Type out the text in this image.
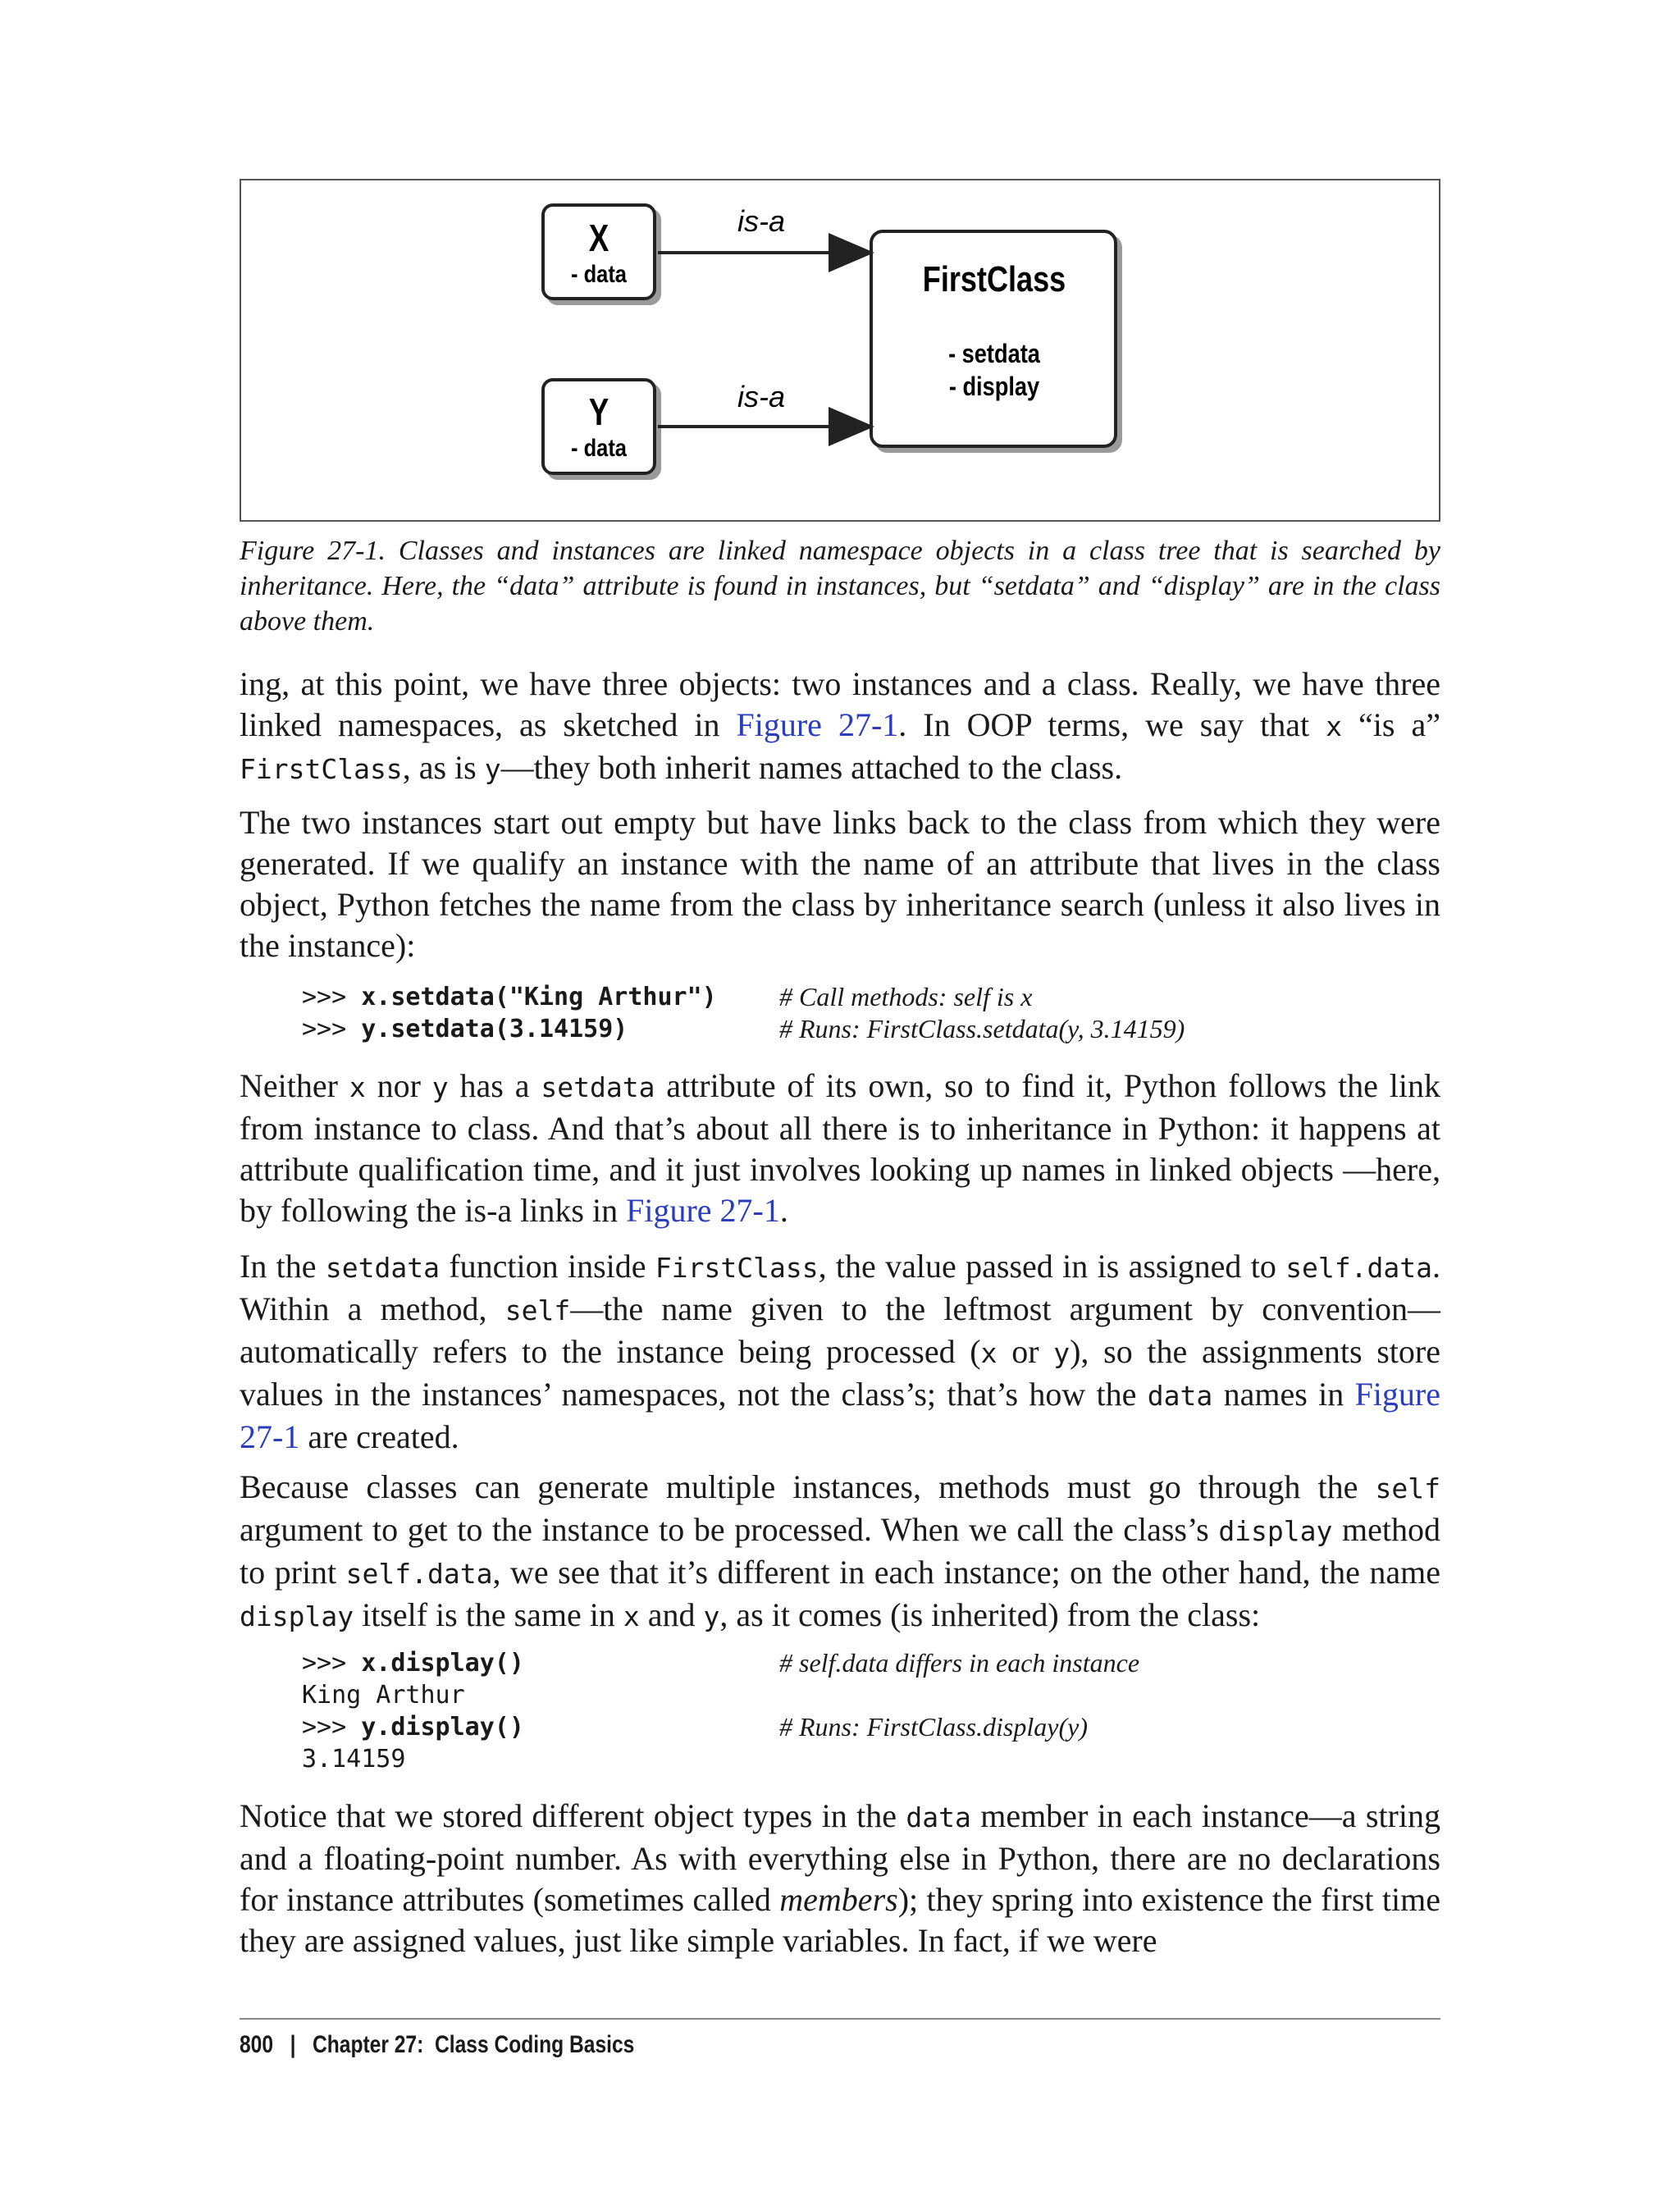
X
- data
Y
- data
FirstClass
- setdata
- display
is-a
is-a
Figure 27-1. Classes and instances are linked namespace objects in a class tree that is searched by inheritance. Here, the “data” attribute is found in instances, but “setdata” and “display” are in the class above them.
ing, at this point, we have three objects: two instances and a class. Really, we have three linked namespaces, as sketched in Figure 27-1. In OOP terms, we say that x “is a” FirstClass, as is y—they both inherit names attached to the class.
The two instances start out empty but have links back to the class from which they were generated. If we qualify an instance with the name of an attribute that lives in the class object, Python fetches the name from the class by inheritance search (unless it also lives in the instance):
>>> x.setdata("King Arthur") # Call methods: self is x
>>> y.setdata(3.14159)	# Runs: FirstClass.setdata(y, 3.14159)
Neither x nor y has a setdata attribute of its own, so to find it, Python follows the link from instance to class. And that’s about all there is to inheritance in Python: it happens at attribute qualification time, and it just involves looking up names in linked objects —here, by following the is-a links in Figure 27-1.
In the setdata function inside FirstClass, the value passed in is assigned to self.data. Within a method, self—the name given to the leftmost argument by convention—automatically refers to the instance being processed (x or y), so the assignments store values in the instances’ namespaces, not the class’s; that’s how the data names in Figure 27-1 are created.
Because classes can generate multiple instances, methods must go through the self argument to get to the instance to be processed. When we call the class’s display method to print self.data, we see that it’s different in each instance; on the other hand, the name display itself is the same in x and y, as it comes (is inherited) from the class:
>>> x.display()	# self.data differs in each instance
King Arthur
>>> y.display()	# Runs: FirstClass.display(y)
3.14159
Notice that we stored different object types in the data member in each instance—a string and a floating-point number. As with everything else in Python, there are no declarations for instance attributes (sometimes called members); they spring into existence the first time they are assigned values, just like simple variables. In fact, if we were
800 | Chapter 27:  Class Coding Basics
